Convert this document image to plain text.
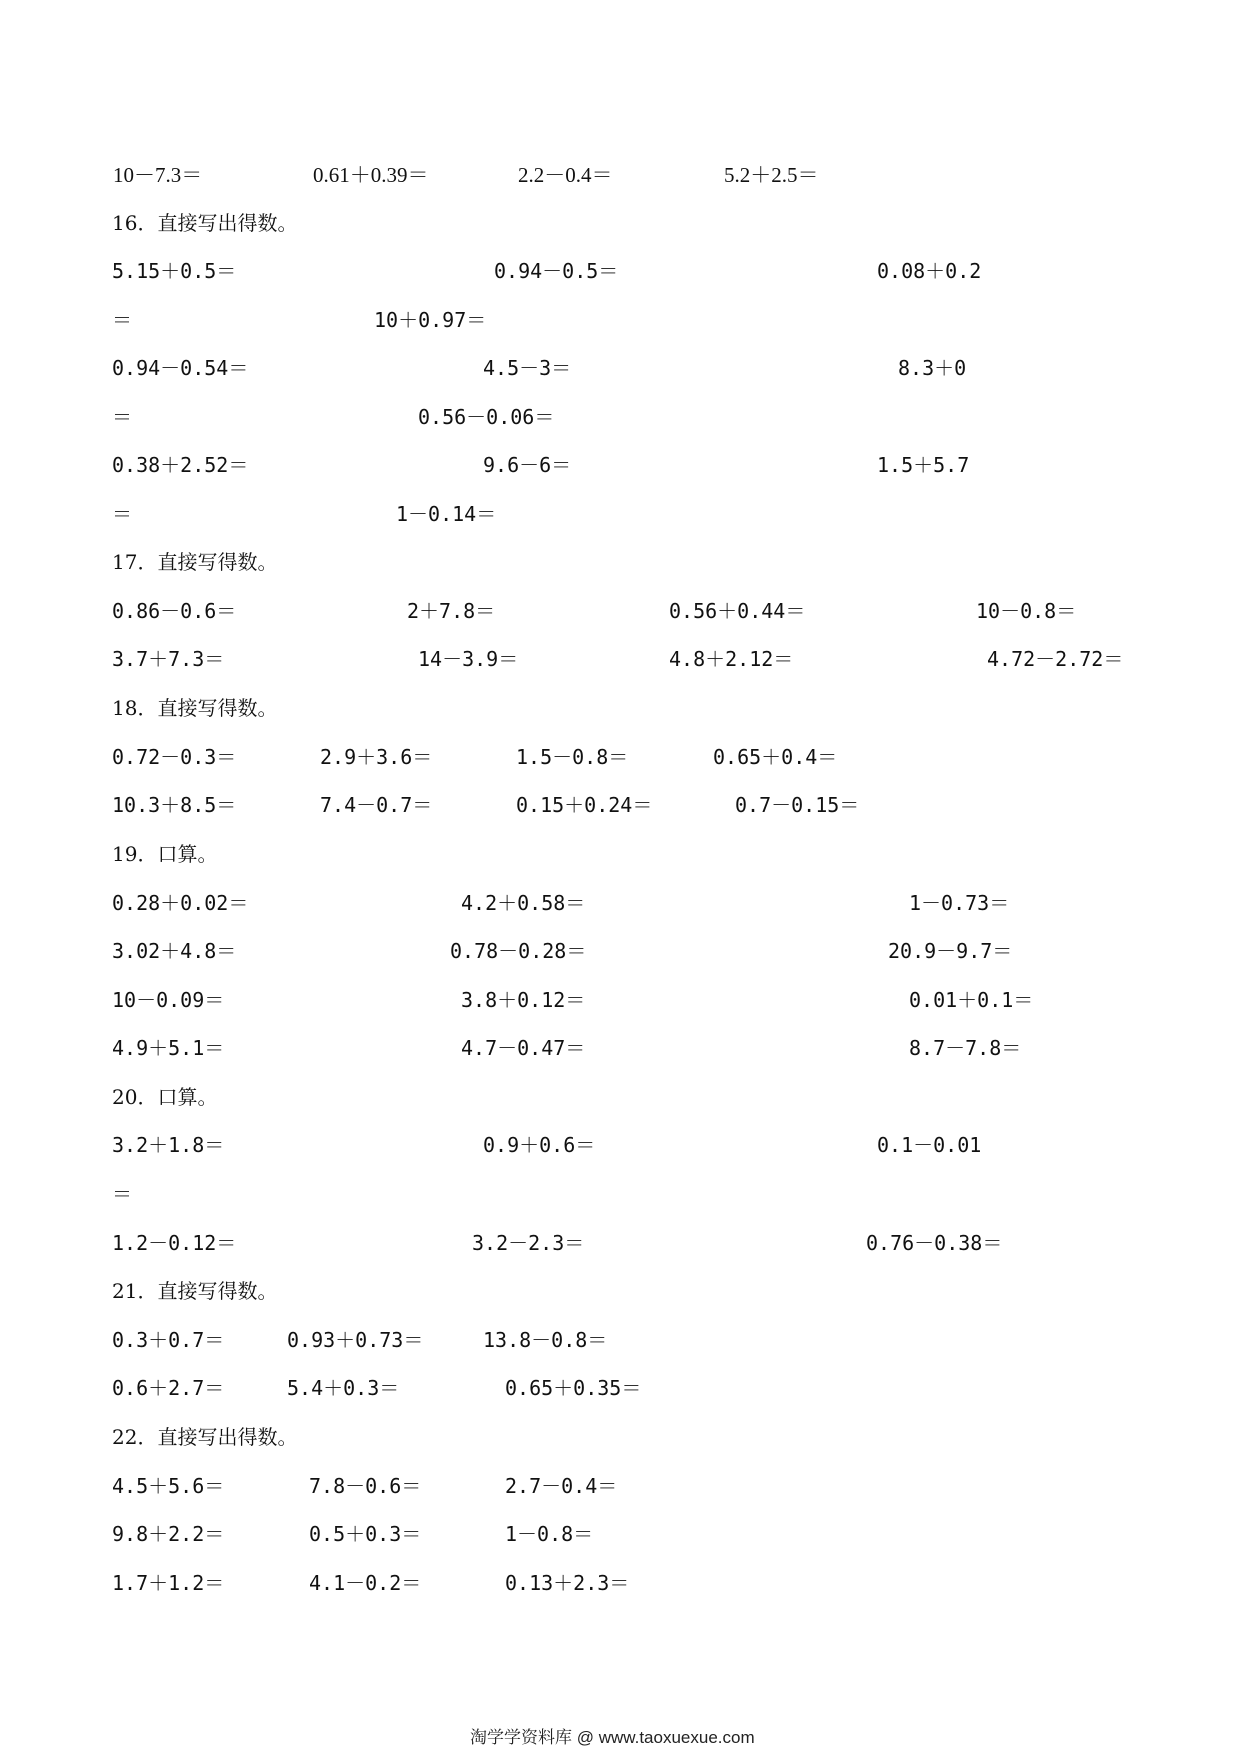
10－7.3＝	0.61＋0.39＝	2.2－0.4＝	5.2＋2.5＝
16．直接写出得数。
5.15＋0.5＝	0.94－0.5＝	0.08＋0.2
＝	10＋0.97＝
0.94－0.54＝	4.5－3＝	8.3＋0
＝	0.56－0.06＝
0.38＋2.52＝	9.6－6＝	1.5＋5.7
＝	1－0.14＝
17．直接写得数。
0.86－0.6＝	2＋7.8＝	0.56＋0.44＝	10－0.8＝
3.7＋7.3＝	14－3.9＝	4.8＋2.12＝	4.72－2.72＝
18．直接写得数。
0.72－0.3＝	2.9＋3.6＝	1.5－0.8＝	0.65＋0.4＝
10.3＋8.5＝	7.4－0.7＝	0.15＋0.24＝	0.7－0.15＝
19．口算。
0.28＋0.02＝	4.2＋0.58＝	1－0.73＝
3.02＋4.8＝	0.78－0.28＝	20.9－9.7＝
10－0.09＝	3.8＋0.12＝	0.01＋0.1＝
4.9＋5.1＝	4.7－0.47＝	8.7－7.8＝
20．口算。
3.2＋1.8＝	0.9＋0.6＝	0.1－0.01
＝
1.2－0.12＝	3.2－2.3＝	0.76－0.38＝
21．直接写得数。
0.3＋0.7＝	0.93＋0.73＝	13.8－0.8＝
0.6＋2.7＝	5.4＋0.3＝	0.65＋0.35＝
22．直接写出得数。
4.5＋5.6＝	7.8－0.6＝	2.7－0.4＝
9.8＋2.2＝	0.5＋0.3＝	1－0.8＝
1.7＋1.2＝	4.1－0.2＝	0.13＋2.3＝
淘学学资料库 @ www.taoxuexue.com
